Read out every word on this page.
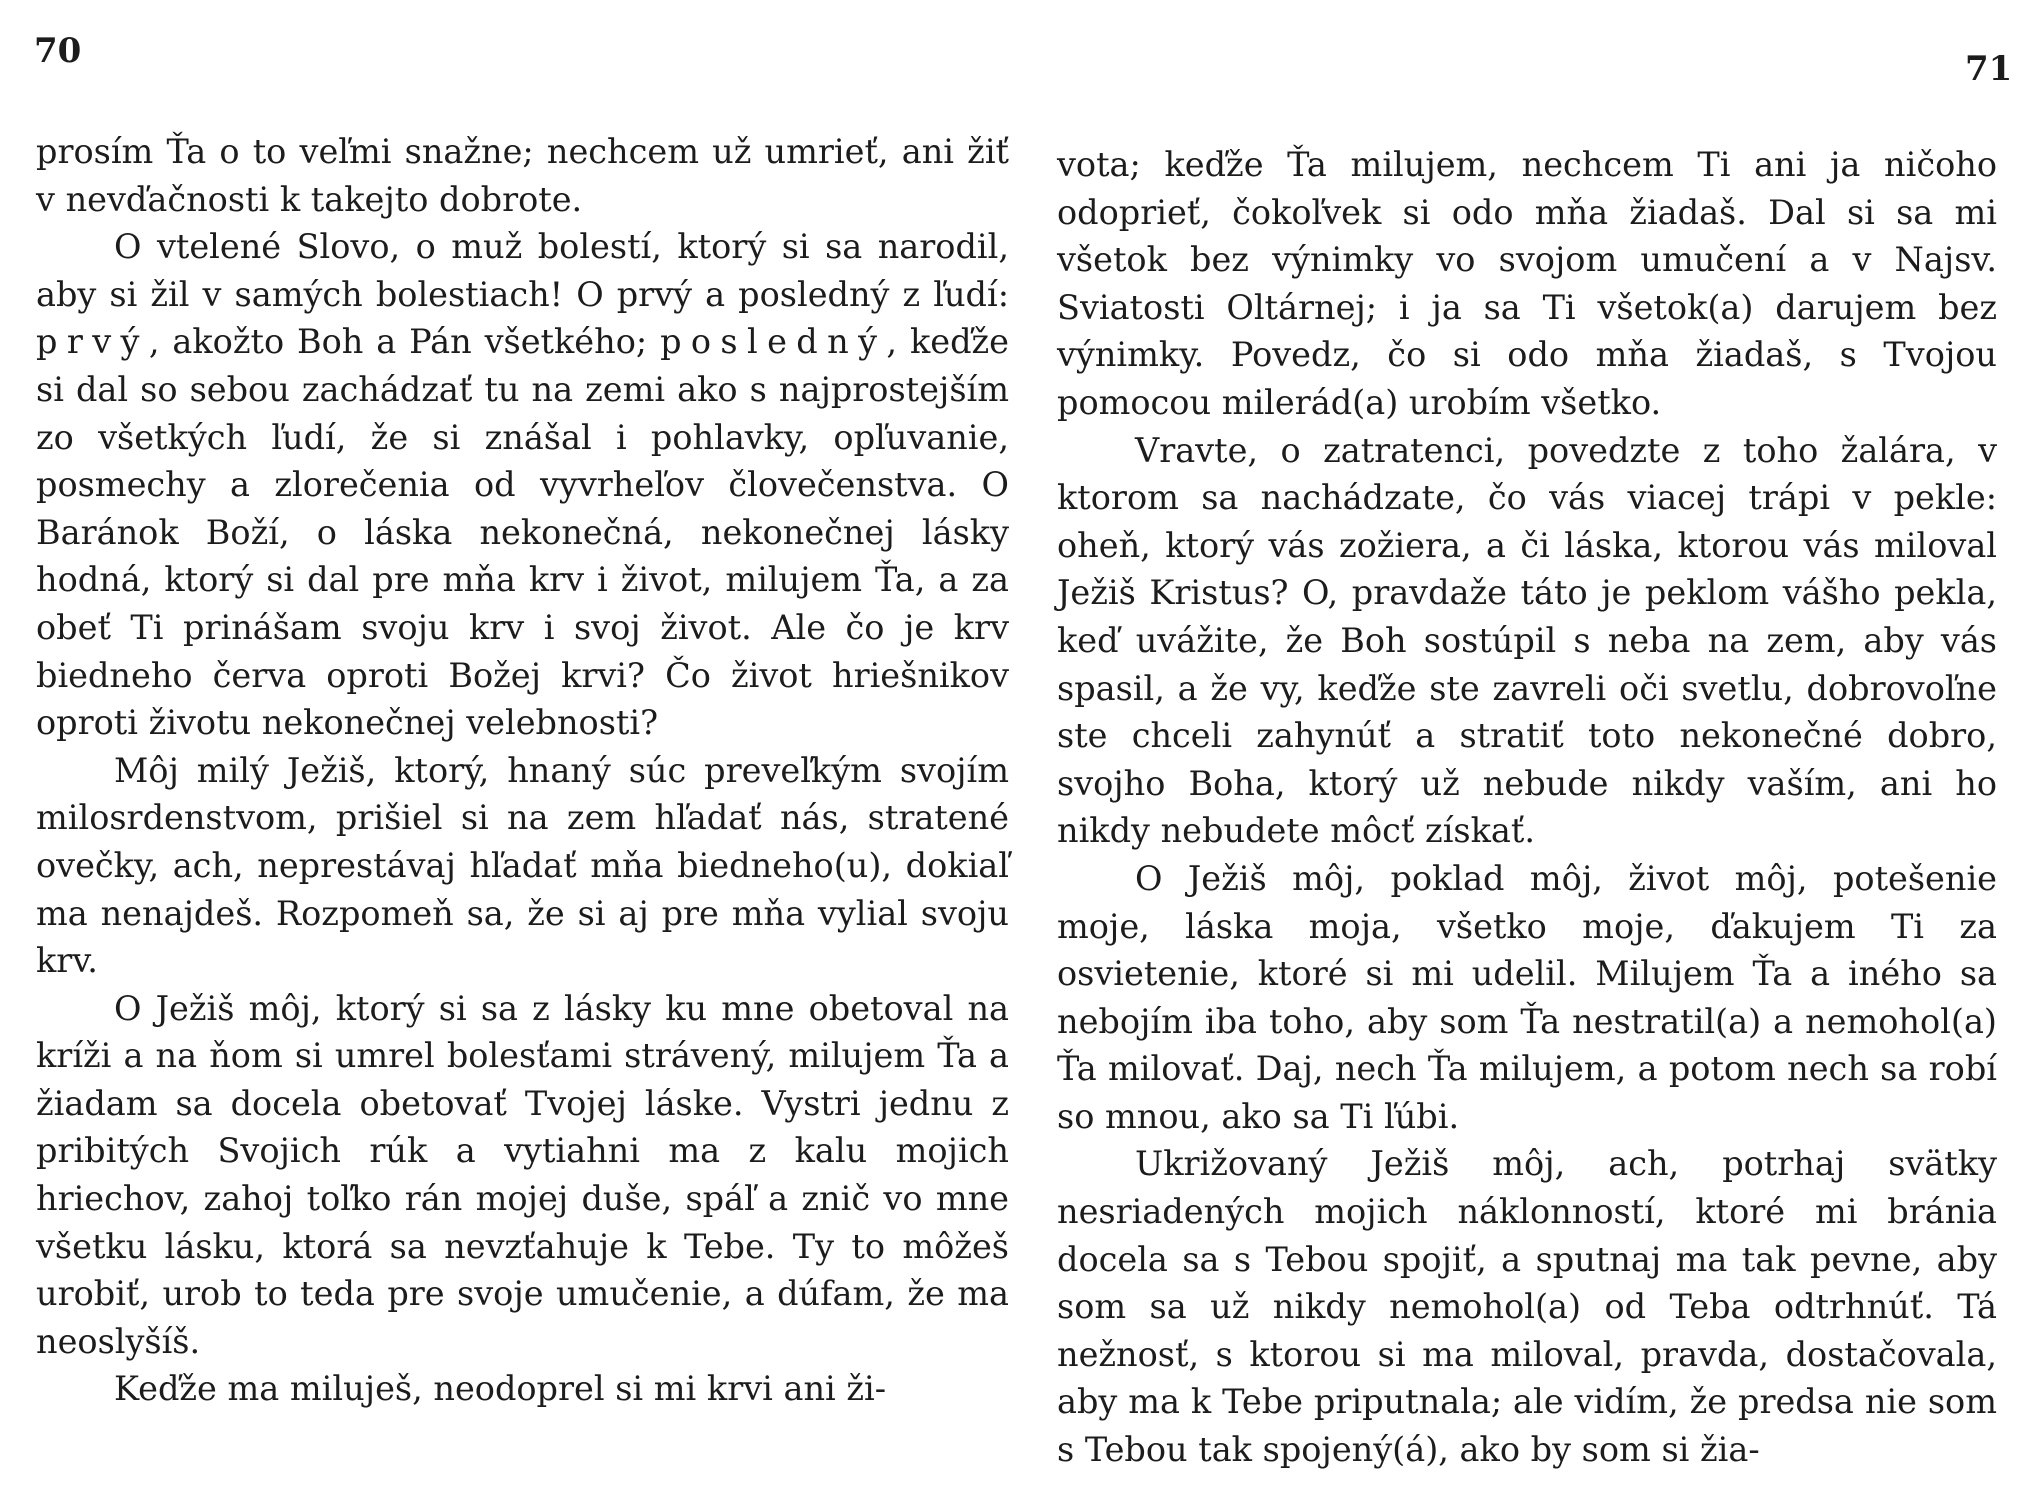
70	71

prosím Ťa o to veľmi snažne; nechcem už umrieť, ani žiť v nevďačnosti k takejto dobrote.

O vtelené Slovo, o muž bolestí, ktorý si sa narodil, aby si žil v samých bolestiach! O prvý a posledný z ľudí: prvý, akožto Boh a Pán všetkého; posledný, keďže si dal so sebou zachádzať tu na zemi ako s najprostejším zo všetkých ľudí, že si znášal i pohlavky, opľuvanie, posmechy a zlorečenia od vyvrheľov človečenstva. O Baránok Boží, o láska nekonečná, nekonečnej lásky hodná, ktorý si dal pre mňa krv i život, milujem Ťa, a za obeť Ti prinášam svoju krv i svoj život. Ale čo je krv biedneho červa oproti Božej krvi? Čo život hriešnikov oproti životu nekonečnej velebnosti?

Môj milý Ježiš, ktorý, hnaný súc preveľkým svojím milosrdenstvom, prišiel si na zem hľadať nás, stratené ovečky, ach, neprestávaj hľadať mňa biedneho(u), dokiaľ ma nenajdeš. Rozpomeň sa, že si aj pre mňa vylial svoju krv.

O Ježiš môj, ktorý si sa z lásky ku mne obetoval na kríži a na ňom si umrel bolesťami strávený, milujem Ťa a žiadam sa docela obetovať Tvojej láske. Vystri jednu z pribitých Svojich rúk a vytiahni ma z kalu mojich hriechov, zahoj toľko rán mojej duše, spáľ a znič vo mne všetku lásku, ktorá sa nevzťahuje k Tebe. Ty to môžeš urobiť, urob to teda pre svoje umučenie, a dúfam, že ma neoslyšíš.

Keďže ma miluješ, neodoprel si mi krvi ani ži-

vota; keďže Ťa milujem, nechcem Ti ani ja ničoho odoprieť, čokoľvek si odo mňa žiadaš. Dal si sa mi všetok bez výnimky vo svojom umučení a v Najsv. Sviatosti Oltárnej; i ja sa Ti všetok(a) darujem bez výnimky. Povedz, čo si odo mňa žiadaš, s Tvojou pomocou milerád(a) urobím všetko.

Vravte, o zatratenci, povedzte z toho žalára, v ktorom sa nachádzate, čo vás viacej trápi v pekle: oheň, ktorý vás zožiera, a či láska, ktorou vás miloval Ježiš Kristus? O, pravdaže táto je peklom vášho pekla, keď uvážite, že Boh sostúpil s neba na zem, aby vás spasil, a že vy, keďže ste zavreli oči svetlu, dobrovoľne ste chceli zahynúť a stratiť toto nekonečné dobro, svojho Boha, ktorý už nebude nikdy vaším, ani ho nikdy nebudete môcť získať.

O Ježiš môj, poklad môj, život môj, potešenie moje, láska moja, všetko moje, ďakujem Ti za osvietenie, ktoré si mi udelil. Milujem Ťa a iného sa nebojím iba toho, aby som Ťa nestratil(a) a nemohol(a) Ťa milovať. Daj, nech Ťa milujem, a potom nech sa robí so mnou, ako sa Ti ľúbi.

Ukrižovaný Ježiš môj, ach, potrhaj svätky nesriadených mojich náklonností, ktoré mi bránia docela sa s Tebou spojiť, a sputnaj ma tak pevne, aby som sa už nikdy nemohol(a) od Teba odtrhnúť. Tá nežnosť, s ktorou si ma miloval, pravda, dostačovala, aby ma k Tebe priputnala; ale vidím, že predsa nie som s Tebou tak spojený(á), ako by som si žia-
